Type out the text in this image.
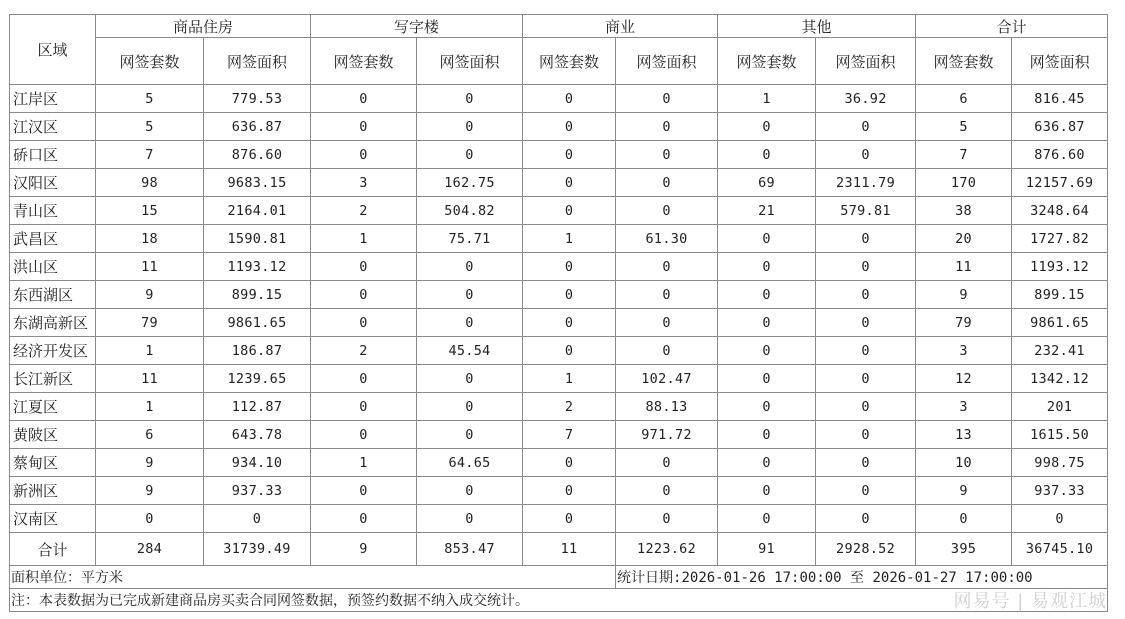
区域	商品住房		写字楼		商业		其他		合计	
	网签套数	网签面积	网签套数	网签面积	网签套数	网签面积	网签套数	网签面积	网签套数	网签面积
江岸区	5	779.53	0	0	0	0	1	36.92	6	816.45
江汉区	5	636.87	0	0	0	0	0	0	5	636.87
硚口区	7	876.60	0	0	0	0	0	0	7	876.60
汉阳区	98	9683.15	3	162.75	0	0	69	2311.79	170	12157.69
青山区	15	2164.01	2	504.82	0	0	21	579.81	38	3248.64
武昌区	18	1590.81	1	75.71	1	61.30	0	0	20	1727.82
洪山区	11	1193.12	0	0	0	0	0	0	11	1193.12
东西湖区	9	899.15	0	0	0	0	0	0	9	899.15
东湖高新区	79	9861.65	0	0	0	0	0	0	79	9861.65
经济开发区	1	186.87	2	45.54	0	0	0	0	3	232.41
长江新区	11	1239.65	0	0	1	102.47	0	0	12	1342.12
江夏区	1	112.87	0	0	2	88.13	0	0	3	201
黄陂区	6	643.78	0	0	7	971.72	0	0	13	1615.50
蔡甸区	9	934.10	1	64.65	0	0	0	0	10	998.75
新洲区	9	937.33	0	0	0	0	0	0	9	937.33
汉南区	0	0	0	0	0	0	0	0	0	0
合计	284	31739.49	9	853.47	11	1223.62	91	2928.52	395	36745.10
面积单位：平方米						统计日期:2026-01-26 17:00:00 至 2026-01-27 17:00:00				
注：本表数据为已完成新建商品房买卖合同网签数据，预签约数据不纳入成交统计。											网易号 | 易观江城
